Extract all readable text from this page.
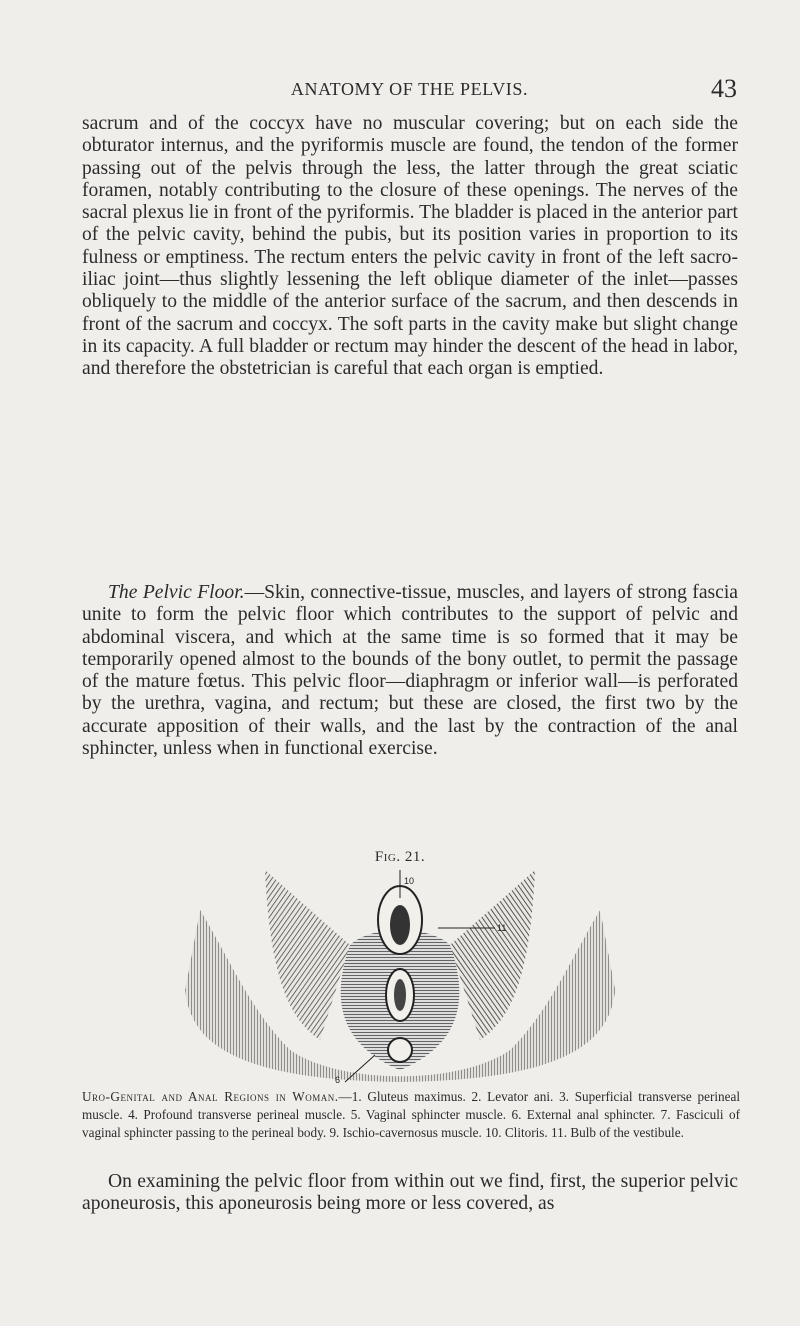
ANATOMY OF THE PELVIS.	43

sacrum and of the coccyx have no muscular covering; but on each side the obturator internus, and the pyriformis muscle are found, the tendon of the former passing out of the pelvis through the less, the latter through the great sciatic foramen, notably contributing to the closure of these openings. The nerves of the sacral plexus lie in front of the pyriformis. The bladder is placed in the anterior part of the pelvic cavity, behind the pubis, but its position varies in proportion to its fulness or emptiness. The rectum enters the pelvic cavity in front of the left sacro-iliac joint—thus slightly lessening the left oblique diameter of the inlet—passes obliquely to the middle of the anterior surface of the sacrum, and then descends in front of the sacrum and coccyx. The soft parts in the cavity make but slight change in its capacity. A full bladder or rectum may hinder the descent of the head in labor, and therefore the obstetrician is careful that each organ is emptied.

The Pelvic Floor.—Skin, connective-tissue, muscles, and layers of strong fascia unite to form the pelvic floor which contributes to the support of pelvic and abdominal viscera, and which at the same time is so formed that it may be temporarily opened almost to the bounds of the bony outlet, to permit the passage of the mature fœtus. This pelvic floor—diaphragm or inferior wall—is perforated by the urethra, vagina, and rectum; but these are closed, the first two by the accurate apposition of their walls, and the last by the contraction of the anal sphincter, unless when in functional exercise.

Fig. 21.
10
11
6

Uro-Genital and Anal Regions in Woman.—1. Gluteus maximus. 2. Levator ani. 3. Superficial transverse perineal muscle. 4. Profound transverse perineal muscle. 5. Vaginal sphincter muscle. 6. External anal sphincter. 7. Fasciculi of vaginal sphincter passing to the perineal body. 9. Ischio-cavernosus muscle. 10. Clitoris. 11. Bulb of the vestibule.

On examining the pelvic floor from within out we find, first, the superior pelvic aponeurosis, this aponeurosis being more or less covered, as
